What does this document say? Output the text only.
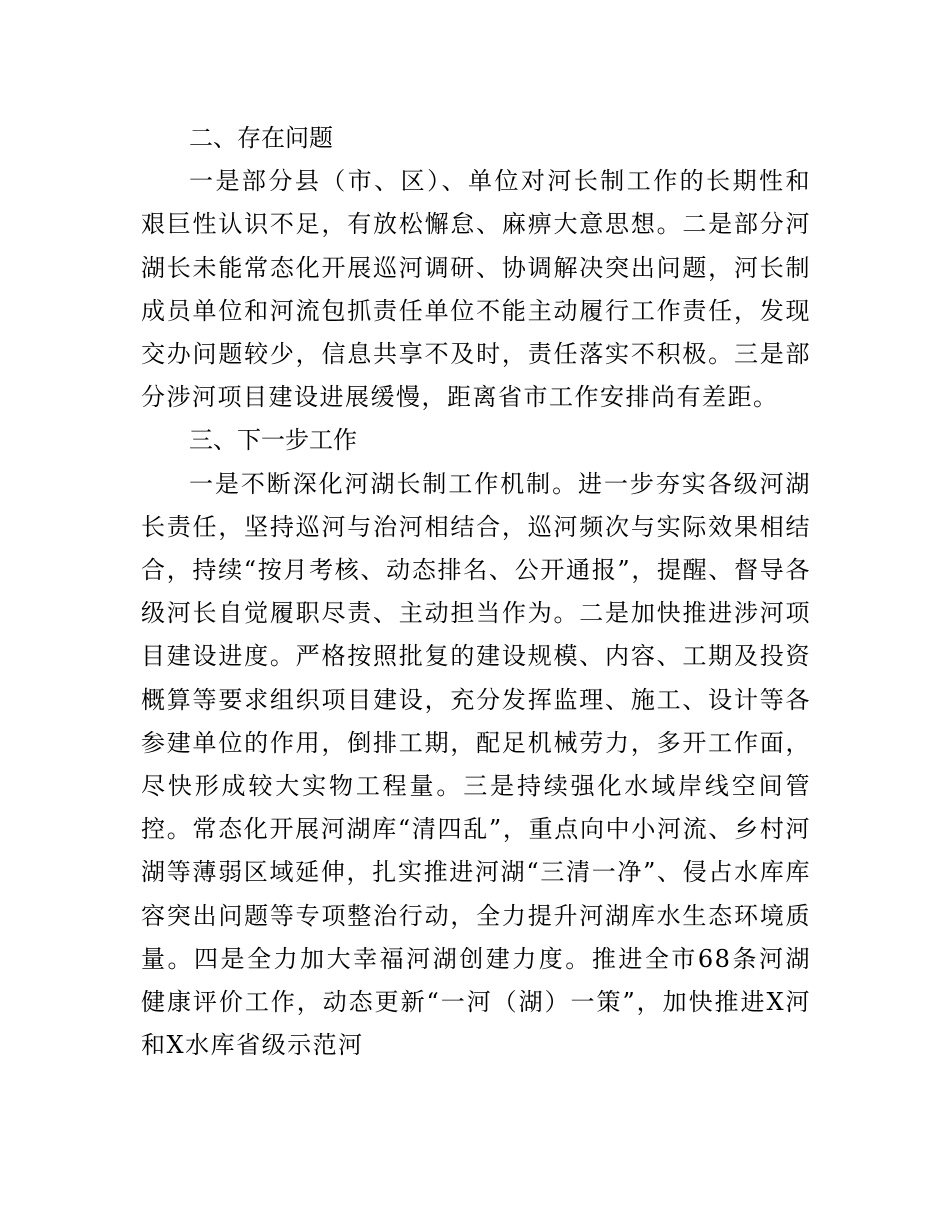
二、存在问题

一是部分县（市、区）、单位对河长制工作的长期性和艰巨性认识不足，有放松懈怠、麻痹大意思想。二是部分河湖长未能常态化开展巡河调研、协调解决突出问题，河长制成员单位和河流包抓责任单位不能主动履行工作责任，发现交办问题较少，信息共享不及时，责任落实不积极。三是部分涉河项目建设进展缓慢，距离省市工作安排尚有差距。

三、下一步工作

一是不断深化河湖长制工作机制。进一步夯实各级河湖长责任，坚持巡河与治河相结合，巡河频次与实际效果相结合，持续“按月考核、动态排名、公开通报”，提醒、督导各级河长自觉履职尽责、主动担当作为。二是加快推进涉河项目建设进度。严格按照批复的建设规模、内容、工期及投资概算等要求组织项目建设，充分发挥监理、施工、设计等各参建单位的作用，倒排工期，配足机械劳力，多开工作面，尽快形成较大实物工程量。三是持续强化水域岸线空间管控。常态化开展河湖库“清四乱”，重点向中小河流、乡村河湖等薄弱区域延伸，扎实推进河湖“三清一净”、侵占水库库容突出问题等专项整治行动，全力提升河湖库水生态环境质量。四是全力加大幸福河湖创建力度。推进全市68条河湖健康评价工作，动态更新“一河（湖）一策”，加快推进X河和X水库省级示范河
